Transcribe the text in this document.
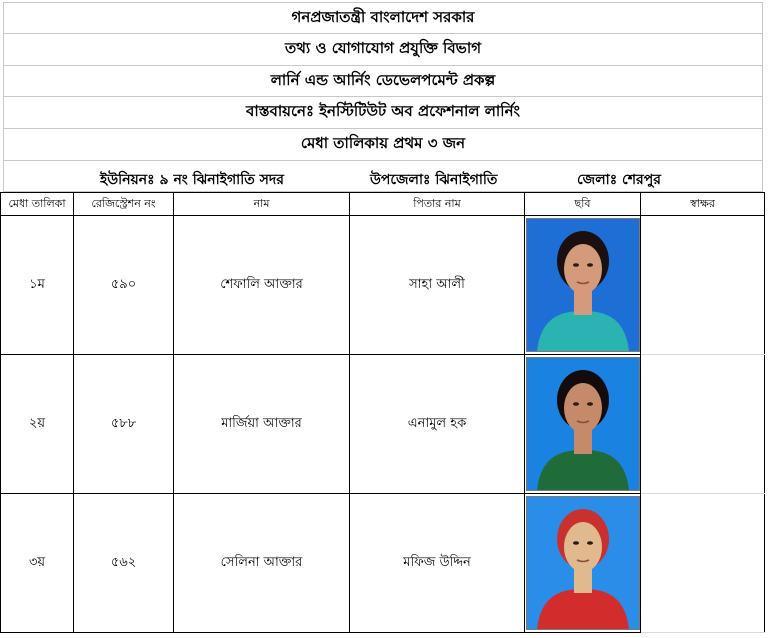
গনপ্রজাতন্ত্রী বাংলাদেশ সরকার
তথ্য ও যোগাযোগ প্রযুক্তি বিভাগ
লার্নি এন্ড আর্নিং ডেভেলপমেন্ট প্রকল্প
বাস্তবায়নেঃ ইনস্টিটিউট অব প্রফেশনাল লার্নিং
মেধা তালিকায় প্রথম ৩ জন
ইউনিয়নঃ ৯ নং ঝিনাইগাতি সদর	উপজেলাঃ ঝিনাইগাতি	জেলাঃ শেরপুর
মেধা তালিকা	রেজিস্ট্রেশন নং	নাম	পিতার নাম	ছবি	স্বাক্ষর
১ম	৫৯০	শেফালি আক্তার	সাহা আলী	

২য়	৫৮৮	মার্জিয়া আক্তার	এনামুল হক	

৩য়	৫৬২	সেলিনা আক্তার	মফিজ উদ্দিন	
